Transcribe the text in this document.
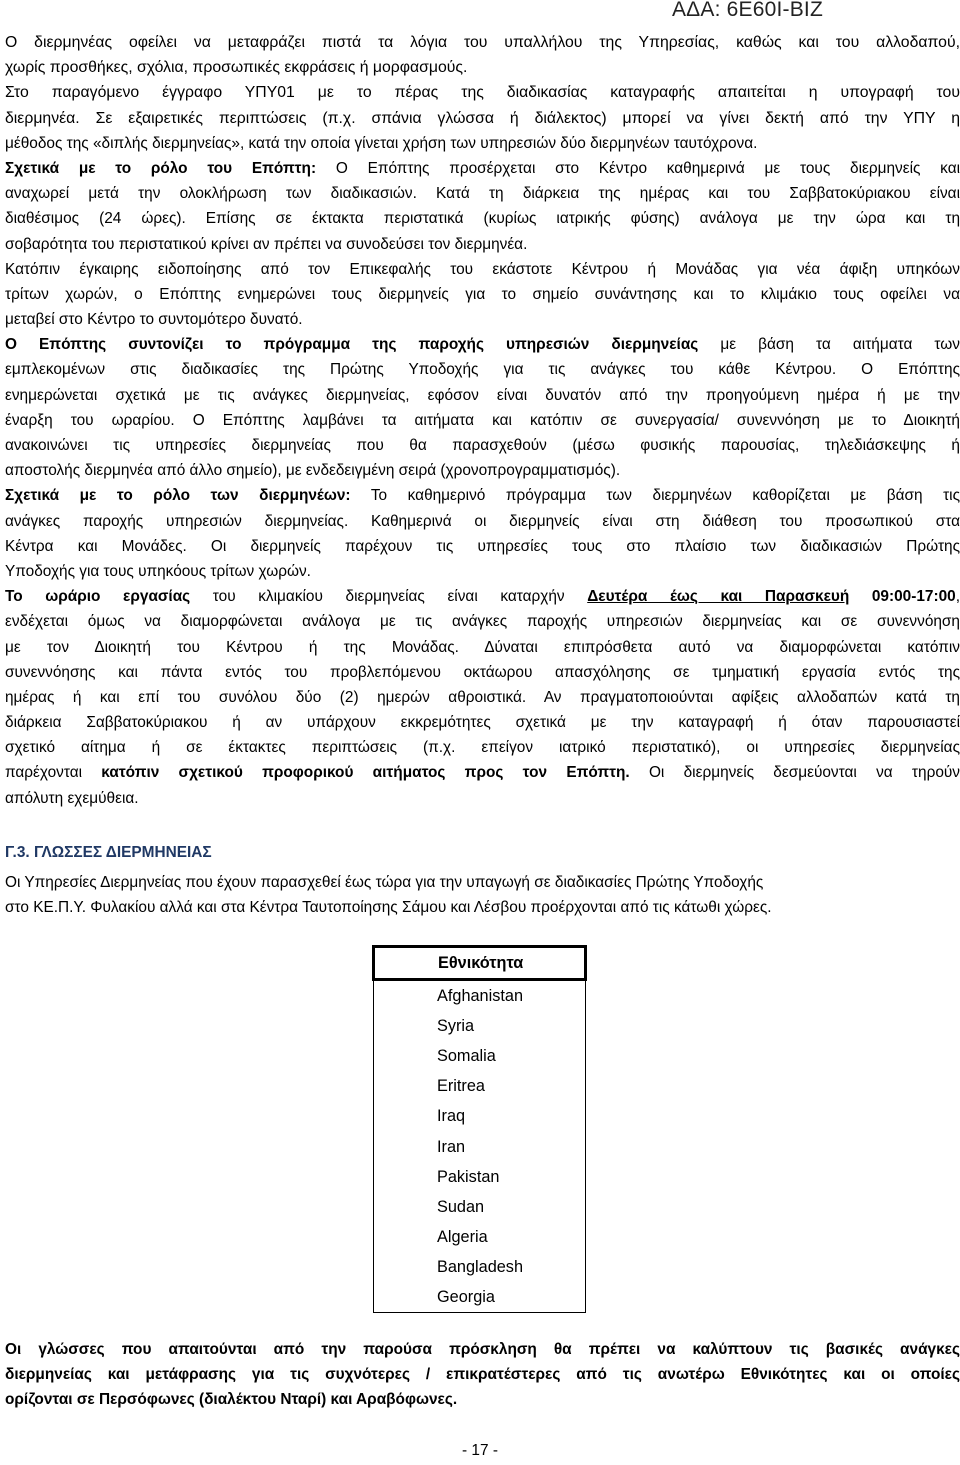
ΑΔΑ: 6Ε60Ι-ΒΙΖ
Ο διερμηνέας οφείλει να μεταφράζει πιστά τα λόγια του υπαλλήλου της Υπηρεσίας, καθώς και του αλλοδαπού,
χωρίς προσθήκες, σχόλια, προσωπικές εκφράσεις ή μορφασμούς.
Στο παραγόμενο έγγραφο ΥΠΥ01 με το πέρας της διαδικασίας καταγραφής απαιτείται η υπογραφή του
διερμηνέα. Σε εξαιρετικές περιπτώσεις (π.χ. σπάνια γλώσσα ή διάλεκτος) μπορεί να γίνει δεκτή από την ΥΠΥ η
μέθοδος της «διπλής διερμηνείας», κατά την οποία γίνεται χρήση των υπηρεσιών δύο διερμηνέων ταυτόχρονα.
Σχετικά με το ρόλο του Επόπτη: Ο Επόπτης προσέρχεται στο Κέντρο καθημερινά με τους διερμηνείς και
αναχωρεί μετά την ολοκλήρωση των διαδικασιών. Κατά τη διάρκεια της ημέρας και του Σαββατοκύριακου είναι
διαθέσιμος (24 ώρες). Επίσης σε έκτακτα περιστατικά (κυρίως ιατρικής φύσης) ανάλογα με την ώρα και τη
σοβαρότητα του περιστατικού κρίνει αν πρέπει να συνοδεύσει τον διερμηνέα.
Κατόπιν έγκαιρης ειδοποίησης από τον Επικεφαλής του εκάστοτε Κέντρου ή Μονάδας για νέα άφιξη υπηκόων
τρίτων χωρών, ο Επόπτης ενημερώνει τους διερμηνείς για το σημείο συνάντησης και το κλιμάκιο τους οφείλει να
μεταβεί στο Κέντρο το συντομότερο δυνατό.
Ο Επόπτης συντονίζει το πρόγραμμα της παροχής υπηρεσιών διερμηνείας με βάση τα αιτήματα των
εμπλεκομένων στις διαδικασίες της Πρώτης Υποδοχής για τις ανάγκες του κάθε Κέντρου. Ο Επόπτης
ενημερώνεται σχετικά με τις ανάγκες διερμηνείας, εφόσον είναι δυνατόν από την προηγούμενη ημέρα ή με την
έναρξη του ωραρίου. Ο Επόπτης λαμβάνει τα αιτήματα και κατόπιν σε συνεργασία/ συνεννόηση με το Διοικητή
ανακοινώνει τις υπηρεσίες διερμηνείας που θα παρασχεθούν (μέσω φυσικής παρουσίας, τηλεδιάσκεψης ή
αποστολής διερμηνέα από άλλο σημείο), με ενδεδειγμένη σειρά (χρονοπρογραμματισμός).
Σχετικά με το ρόλο των διερμηνέων: Το καθημερινό πρόγραμμα των διερμηνέων καθορίζεται με βάση τις
ανάγκες παροχής υπηρεσιών διερμηνείας. Καθημερινά οι διερμηνείς είναι στη διάθεση του προσωπικού στα
Κέντρα και Μονάδες. Οι διερμηνείς παρέχουν τις υπηρεσίες τους στο πλαίσιο των διαδικασιών Πρώτης
Υποδοχής για τους υπηκόους τρίτων χωρών.
Το ωράριο εργασίας του κλιμακίου διερμηνείας είναι καταρχήν Δευτέρα έως και Παρασκευή 09:00-17:00,
ενδέχεται όμως να διαμορφώνεται ανάλογα με τις ανάγκες παροχής υπηρεσιών διερμηνείας και σε συνεννόηση
με τον Διοικητή του Κέντρου ή της Μονάδας. Δύναται επιπρόσθετα αυτό να διαμορφώνεται κατόπιν
συνεννόησης και πάντα εντός του προβλεπόμενου οκτάωρου απασχόλησης σε τμηματική εργασία εντός της
ημέρας ή και επί του συνόλου δύο (2) ημερών αθροιστικά. Αν πραγματοποιούνται αφίξεις αλλοδαπών κατά τη
διάρκεια Σαββατοκύριακου ή αν υπάρχουν εκκρεμότητες σχετικά με την καταγραφή ή όταν παρουσιαστεί
σχετικό αίτημα ή σε έκτακτες περιπτώσεις (π.χ. επείγον ιατρικό περιστατικό), οι υπηρεσίες διερμηνείας
παρέχονται κατόπιν σχετικού προφορικού αιτήματος προς τον Επόπτη. Οι διερμηνείς δεσμεύονται να τηρούν
απόλυτη εχεμύθεια.
Γ.3. ΓΛΩΣΣΕΣ ΔΙΕΡΜΗΝΕΙΑΣ
Οι Υπηρεσίες Διερμηνείας που έχουν παρασχεθεί έως τώρα για την υπαγωγή σε διαδικασίες Πρώτης Υποδοχής
στο ΚΕ.Π.Υ. Φυλακίου αλλά και στα Κέντρα Ταυτοποίησης Σάμου και Λέσβου προέρχονται από τις κάτωθι χώρες.
Εθνικότητα
Afghanistan
Syria
Somalia
Eritrea
Iraq
Iran
Pakistan
Sudan
Algeria
Bangladesh
Georgia
Οι γλώσσες που απαιτούνται από την παρούσα πρόσκληση θα πρέπει να καλύπτουν τις βασικές ανάγκες
διερμηνείας και μετάφρασης για τις συχνότερες / επικρατέστερες από τις ανωτέρω Εθνικότητες και οι οποίες
ορίζονται σε Περσόφωνες (διαλέκτου Νταρί) και Αραβόφωνες.
- 17 -
